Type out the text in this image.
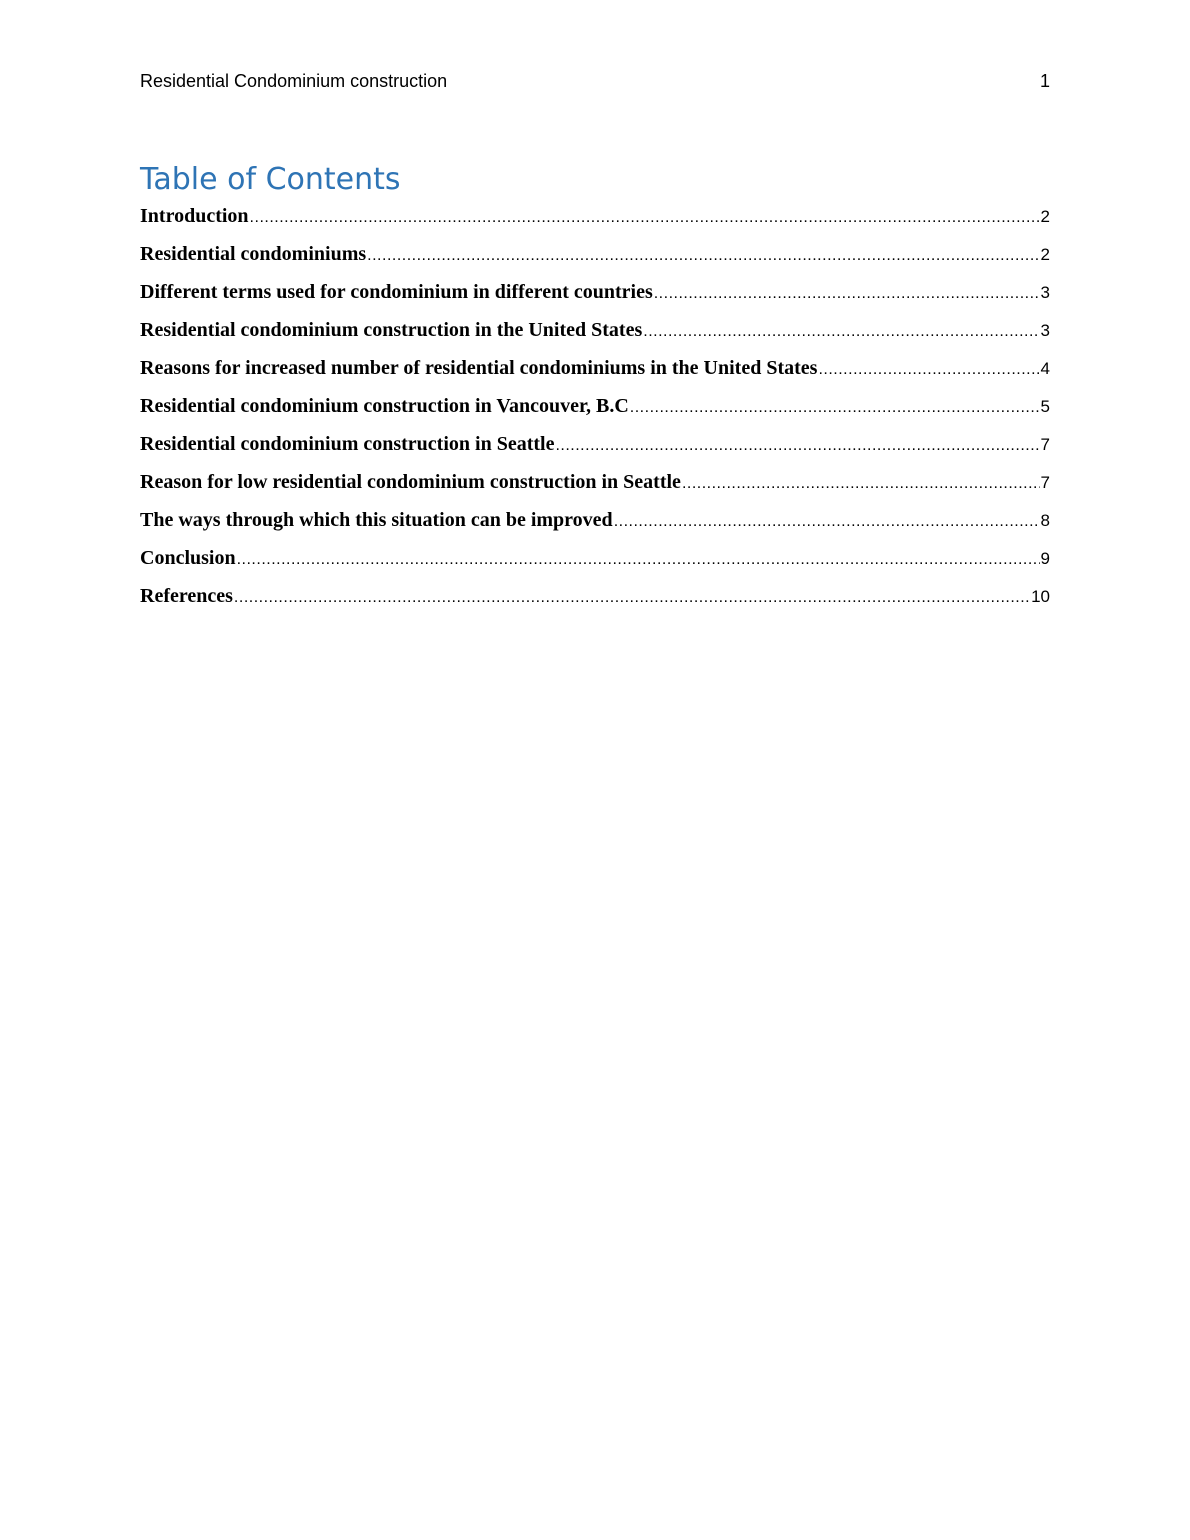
Residential Condominium construction	1
Table of Contents
Introduction .....	2
Residential condominiums .....	2
Different terms used for condominium in different countries .....	3
Residential condominium construction in the United States .....	3
Reasons for increased number of residential condominiums in the United States .....	4
Residential condominium construction in Vancouver, B.C .....	5
Residential condominium construction in Seattle .....	7
Reason for low residential condominium construction in Seattle .....	7
The ways through which this situation can be improved .....	8
Conclusion .....	9
References .....	10
